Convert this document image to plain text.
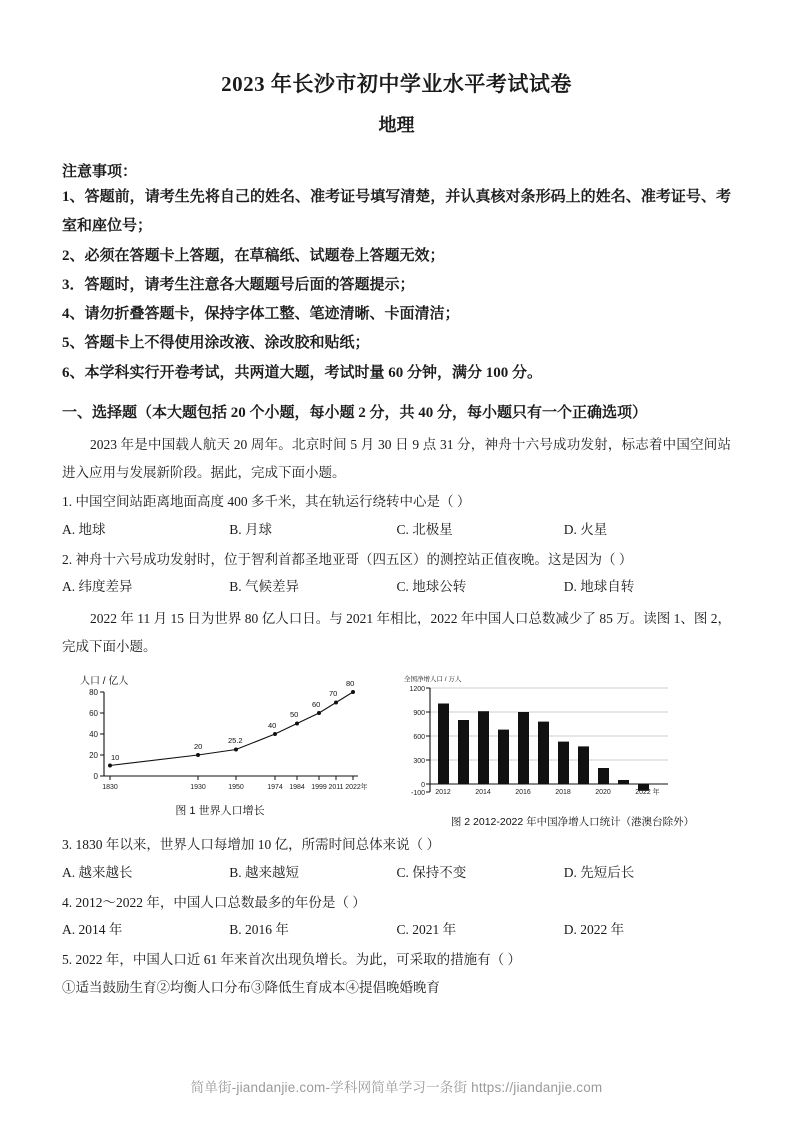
2023 年长沙市初中学业水平考试试卷
地理

注意事项：

1、答题前，请考生先将自己的姓名、准考证号填写清楚，并认真核对条形码上的姓名、准考证号、考室和座位号；

2、必须在答题卡上答题，在草稿纸、试题卷上答题无效；

3．答题时，请考生注意各大题题号后面的答题提示；

4、请勿折叠答题卡，保持字体工整、笔迹清晰、卡面清洁；

5、答题卡上不得使用涂改液、涂改胶和贴纸；

6、本学科实行开卷考试，共两道大题，考试时量 60 分钟，满分 100 分。

一、选择题（本大题包括 20 个小题，每小题 2 分，共 40 分，每小题只有一个正确选项）

2023 年是中国载人航天 20 周年。北京时间 5 月 30 日 9 点 31 分，神舟十六号成功发射，标志着中国空间站进入应用与发展新阶段。据此，完成下面小题。

1. 中国空间站距离地面高度 400 多千米，其在轨运行绕转中心是（ ）

A. 地球	B. 月球	C. 北极星	D. 火星

2. 神舟十六号成功发射时，位于智利首都圣地亚哥（四五区）的测控站正值夜晚。这是因为（ ）

A. 纬度差异	B. 气候差异	C. 地球公转	D. 地球自转

2022 年 11 月 15 日为世界 80 亿人口日。与 2021 年相比，2022 年中国人口总数减少了 85 万。读图 1、图 2，完成下面小题。

人口 / 亿人
0
20
40
60
80
1830	1930	1950	1974 1984 1999 2011 2022 年
10
20
25.2
40
50
60
70
80
图 1 世界人口增长
全国净增人口 / 万人
1200
900
600
300
0
-100 2012	2014	2016	2018	2020	2022 年
图 2 2012-2022 年中国净增人口统计（港澳台除外）

3. 1830 年以来，世界人口每增加 10 亿，所需时间总体来说（ ）

A. 越来越长	B. 越来越短	C. 保持不变	D. 先短后长

4. 2012～2022 年，中国人口总数最多的年份是（ ）

A. 2014 年	B. 2016 年	C. 2021 年	D. 2022 年

5. 2022 年，中国人口近 61 年来首次出现负增长。为此，可采取的措施有（ ）

①适当鼓励生育②均衡人口分布③降低生育成本④提倡晚婚晚育

简单街-jiandanjie.com-学科网简单学习一条街 https://jiandanjie.com
